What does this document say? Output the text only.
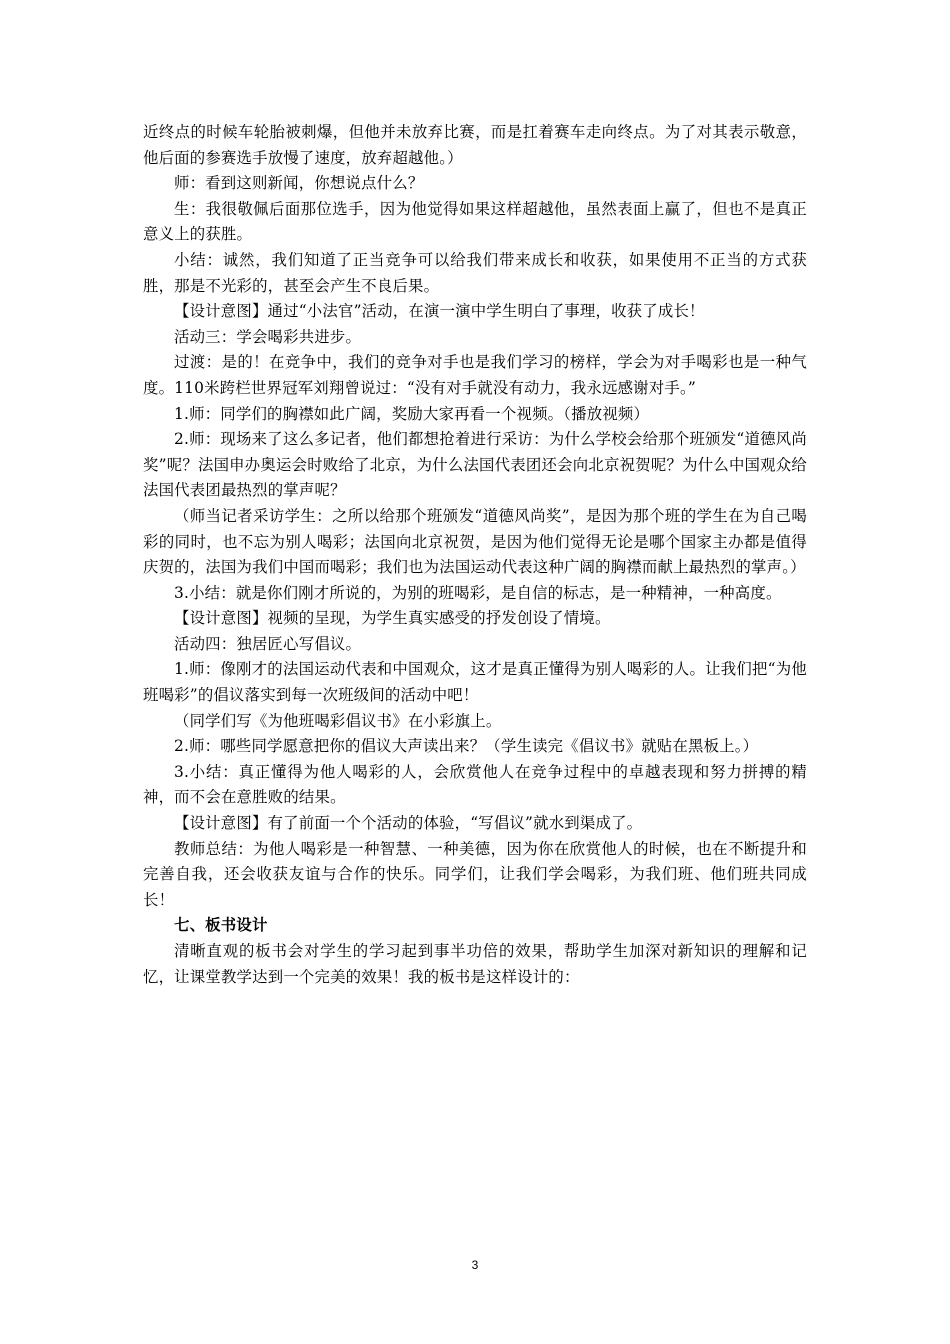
近终点的时候车轮胎被刺爆，但他并未放弃比赛，而是扛着赛车走向终点。为了对其表示敬意，他后面的参赛选手放慢了速度，放弃超越他。）

师：看到这则新闻，你想说点什么？

生：我很敬佩后面那位选手，因为他觉得如果这样超越他，虽然表面上赢了，但也不是真正意义上的获胜。

小结：诚然，我们知道了正当竞争可以给我们带来成长和收获，如果使用不正当的方式获胜，那是不光彩的，甚至会产生不良后果。

【设计意图】通过“小法官”活动，在演一演中学生明白了事理，收获了成长！

活动三：学会喝彩共进步。

过渡：是的！在竞争中，我们的竞争对手也是我们学习的榜样，学会为对手喝彩也是一种气度。110米跨栏世界冠军刘翔曾说过：“没有对手就没有动力，我永远感谢对手。”

1.师：同学们的胸襟如此广阔，奖励大家再看一个视频。（播放视频）

2.师：现场来了这么多记者，他们都想抢着进行采访：为什么学校会给那个班颁发“道德风尚奖”呢？法国申办奥运会时败给了北京，为什么法国代表团还会向北京祝贺呢？为什么中国观众给法国代表团最热烈的掌声呢？

（师当记者采访学生：之所以给那个班颁发“道德风尚奖”，是因为那个班的学生在为自己喝彩的同时，也不忘为别人喝彩；法国向北京祝贺，是因为他们觉得无论是哪个国家主办都是值得庆贺的，法国为我们中国而喝彩；我们也为法国运动代表这种广阔的胸襟而献上最热烈的掌声。）

3.小结：就是你们刚才所说的，为别的班喝彩，是自信的标志，是一种精神，一种高度。

【设计意图】视频的呈现，为学生真实感受的抒发创设了情境。

活动四：独居匠心写倡议。

1.师：像刚才的法国运动代表和中国观众，这才是真正懂得为别人喝彩的人。让我们把“为他班喝彩”的倡议落实到每一次班级间的活动中吧！

（同学们写《为他班喝彩倡议书》在小彩旗上。

2.师：哪些同学愿意把你的倡议大声读出来？（学生读完《倡议书》就贴在黑板上。）

3.小结：真正懂得为他人喝彩的人，会欣赏他人在竞争过程中的卓越表现和努力拼搏的精神，而不会在意胜败的结果。

【设计意图】有了前面一个个活动的体验，“写倡议”就水到渠成了。

教师总结：为他人喝彩是一种智慧、一种美德，因为你在欣赏他人的时候，也在不断提升和完善自我，还会收获友谊与合作的快乐。同学们，让我们学会喝彩，为我们班、他们班共同成长！

七、板书设计

清晰直观的板书会对学生的学习起到事半功倍的效果，帮助学生加深对新知识的理解和记忆，让课堂教学达到一个完美的效果！我的板书是这样设计的：

3
